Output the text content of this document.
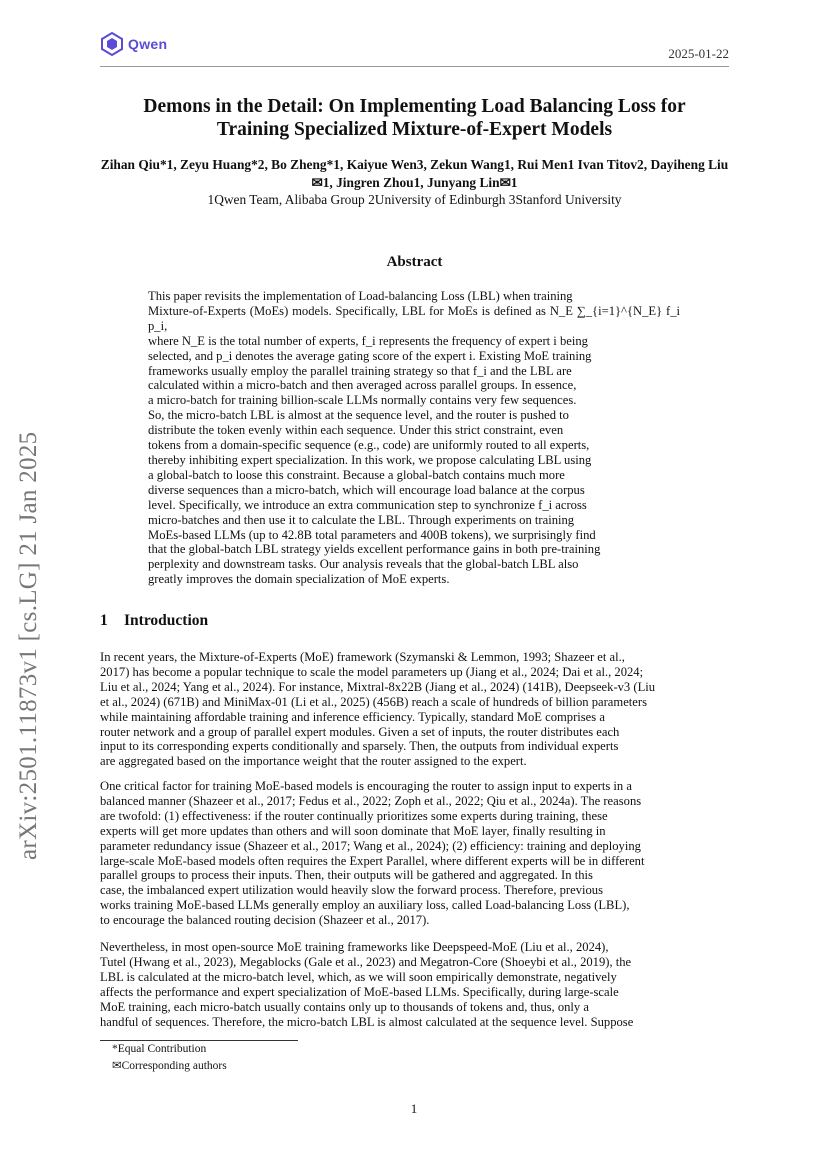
Qwen
2025-01-22
arXiv:2501.11873v1 [cs.LG] 21 Jan 2025
Demons in the Detail: On Implementing Load Balancing Loss for
Training Specialized Mixture-of-Expert Models
Zihan Qiu*1, Zeyu Huang*2, Bo Zheng*1, Kaiyue Wen3, Zekun Wang1, Rui Men1 Ivan Titov2, Dayiheng Liu✉1, Jingren Zhou1, Junyang Lin✉1
1Qwen Team, Alibaba Group 2University of Edinburgh 3Stanford University
Abstract
This paper revisits the implementation of Load-balancing Loss (LBL) when training
Mixture-of-Experts (MoEs) models. Specifically, LBL for MoEs is defined as N_E ∑_{i=1}^{N_E} f_i p_i,
where N_E is the total number of experts, f_i represents the frequency of expert i being
selected, and p_i denotes the average gating score of the expert i. Existing MoE training
frameworks usually employ the parallel training strategy so that f_i and the LBL are
calculated within a micro-batch and then averaged across parallel groups. In essence,
a micro-batch for training billion-scale LLMs normally contains very few sequences.
So, the micro-batch LBL is almost at the sequence level, and the router is pushed to
distribute the token evenly within each sequence. Under this strict constraint, even
tokens from a domain-specific sequence (e.g., code) are uniformly routed to all experts,
thereby inhibiting expert specialization. In this work, we propose calculating LBL using
a global-batch to loose this constraint. Because a global-batch contains much more
diverse sequences than a micro-batch, which will encourage load balance at the corpus
level. Specifically, we introduce an extra communication step to synchronize f_i across
micro-batches and then use it to calculate the LBL. Through experiments on training
MoEs-based LLMs (up to 42.8B total parameters and 400B tokens), we surprisingly find
that the global-batch LBL strategy yields excellent performance gains in both pre-training
perplexity and downstream tasks. Our analysis reveals that the global-batch LBL also
greatly improves the domain specialization of MoE experts.
1 Introduction
In recent years, the Mixture-of-Experts (MoE) framework (Szymanski & Lemmon, 1993; Shazeer et al.,
2017) has become a popular technique to scale the model parameters up (Jiang et al., 2024; Dai et al., 2024;
Liu et al., 2024; Yang et al., 2024). For instance, Mixtral-8x22B (Jiang et al., 2024) (141B), Deepseek-v3 (Liu
et al., 2024) (671B) and MiniMax-01 (Li et al., 2025) (456B) reach a scale of hundreds of billion parameters
while maintaining affordable training and inference efficiency. Typically, standard MoE comprises a
router network and a group of parallel expert modules. Given a set of inputs, the router distributes each
input to its corresponding experts conditionally and sparsely. Then, the outputs from individual experts
are aggregated based on the importance weight that the router assigned to the expert.
One critical factor for training MoE-based models is encouraging the router to assign input to experts in a
balanced manner (Shazeer et al., 2017; Fedus et al., 2022; Zoph et al., 2022; Qiu et al., 2024a). The reasons
are twofold: (1) effectiveness: if the router continually prioritizes some experts during training, these
experts will get more updates than others and will soon dominate that MoE layer, finally resulting in
parameter redundancy issue (Shazeer et al., 2017; Wang et al., 2024); (2) efficiency: training and deploying
large-scale MoE-based models often requires the Expert Parallel, where different experts will be in different
parallel groups to process their inputs. Then, their outputs will be gathered and aggregated. In this
case, the imbalanced expert utilization would heavily slow the forward process. Therefore, previous
works training MoE-based LLMs generally employ an auxiliary loss, called Load-balancing Loss (LBL),
to encourage the balanced routing decision (Shazeer et al., 2017).
Nevertheless, in most open-source MoE training frameworks like Deepspeed-MoE (Liu et al., 2024),
Tutel (Hwang et al., 2023), Megablocks (Gale et al., 2023) and Megatron-Core (Shoeybi et al., 2019), the
LBL is calculated at the micro-batch level, which, as we will soon empirically demonstrate, negatively
affects the performance and expert specialization of MoE-based LLMs. Specifically, during large-scale
MoE training, each micro-batch usually contains only up to thousands of tokens and, thus, only a
handful of sequences. Therefore, the micro-batch LBL is almost calculated at the sequence level. Suppose
*Equal Contribution
✉Corresponding authors
1
